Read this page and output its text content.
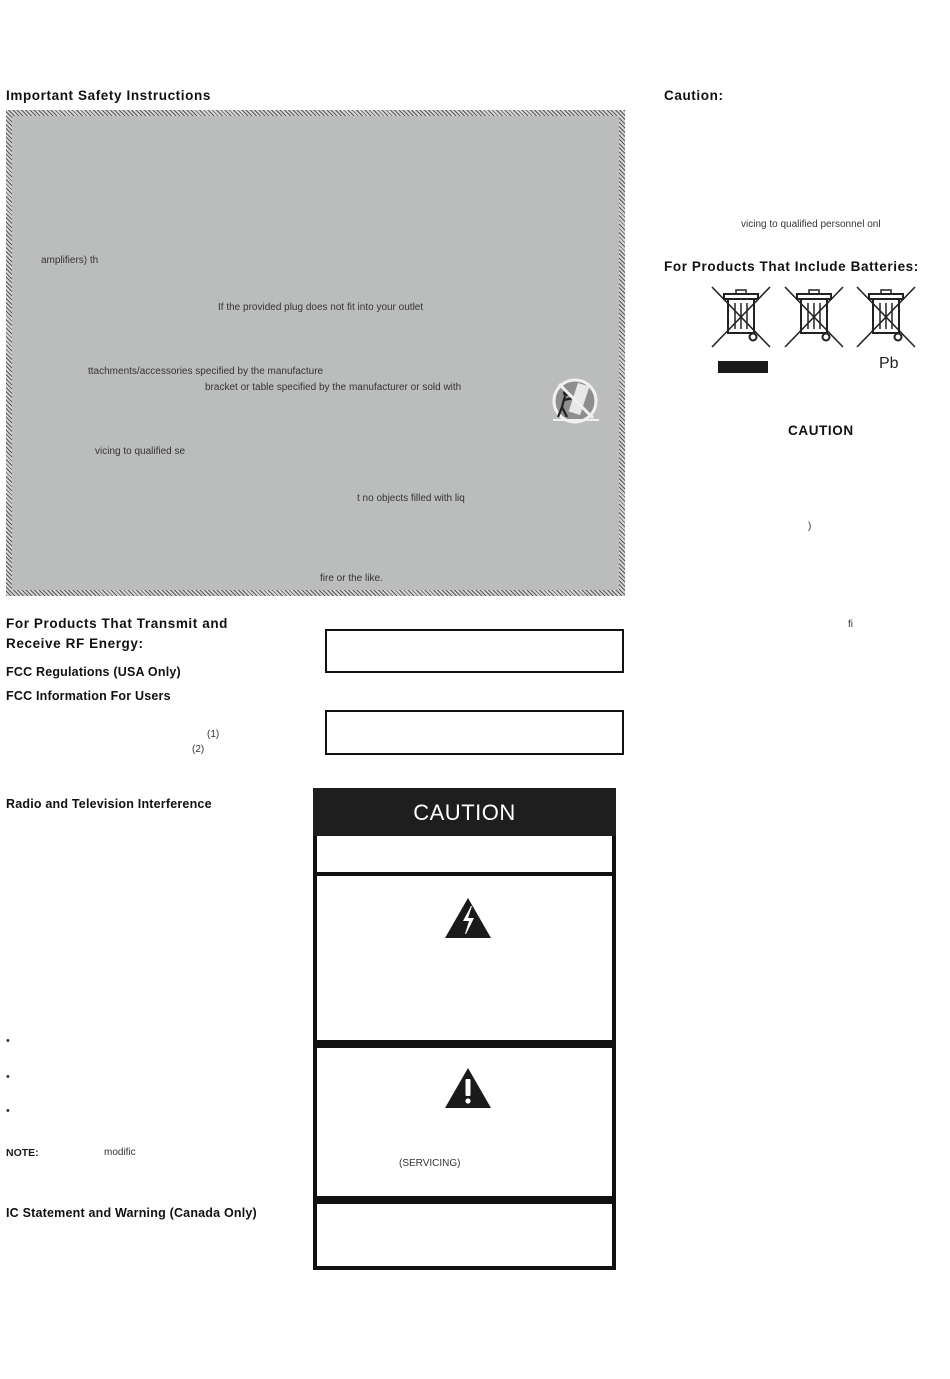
Important Safety Instructions
amplifiers) th
If the provided plug does not fit into your outlet
ttachments/accessories specified by the manufacture
bracket or table specified by the manufacturer or sold with
vicing to qualified se
t no objects filled with liq
fire or the like.
For Products That Transmit and
Receive RF Energy:
FCC Regulations (USA Only)
FCC Information For Users
(1)
(2)
Radio and Television Interference
•
•
•
NOTE:	modific
IC Statement and Warning (Canada Only)
CAUTION
(SERVICING)
Caution:
vicing to qualified personnel onl
For Products That Include Batteries:
Pb
CAUTION
)
fi
